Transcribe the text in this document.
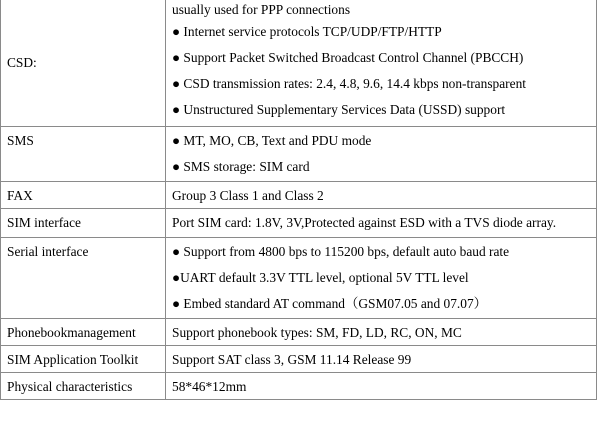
CSD:	usually used for PPP connections
● Internet service protocols TCP/UDP/FTP/HTTP
● Support Packet Switched Broadcast Control Channel (PBCCH)
● CSD transmission rates: 2.4, 4.8, 9.6, 14.4 kbps non-transparent
● Unstructured Supplementary Services Data (USSD) support

SMS	● MT, MO, CB, Text and PDU mode
● SMS storage: SIM card

FAX	Group 3 Class 1 and Class 2

SIM interface	Port SIM card: 1.8V, 3V,Protected against ESD with a TVS diode array.

Serial interface	● Support from 4800 bps to 115200 bps, default auto baud rate
●UART default 3.3V TTL level, optional 5V TTL level
● Embed standard AT command（GSM07.05 and 07.07）

Phonebookmanagement	Support phonebook types: SM, FD, LD, RC, ON, MC

SIM Application Toolkit	Support SAT class 3, GSM 11.14 Release 99

Physical characteristics	58*46*12mm
